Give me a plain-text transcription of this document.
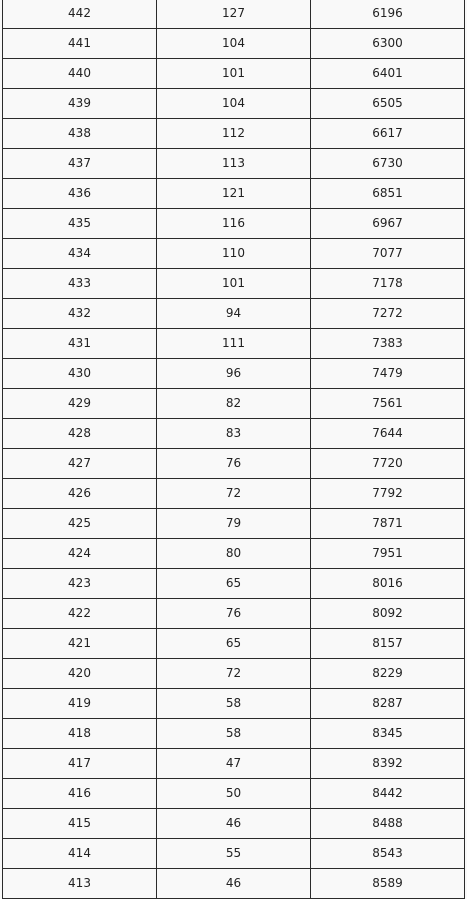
442	127	6196
441	104	6300
440	101	6401
439	104	6505
438	112	6617
437	113	6730
436	121	6851
435	116	6967
434	110	7077
433	101	7178
432	94	7272
431	111	7383
430	96	7479
429	82	7561
428	83	7644
427	76	7720
426	72	7792
425	79	7871
424	80	7951
423	65	8016
422	76	8092
421	65	8157
420	72	8229
419	58	8287
418	58	8345
417	47	8392
416	50	8442
415	46	8488
414	55	8543
413	46	8589
